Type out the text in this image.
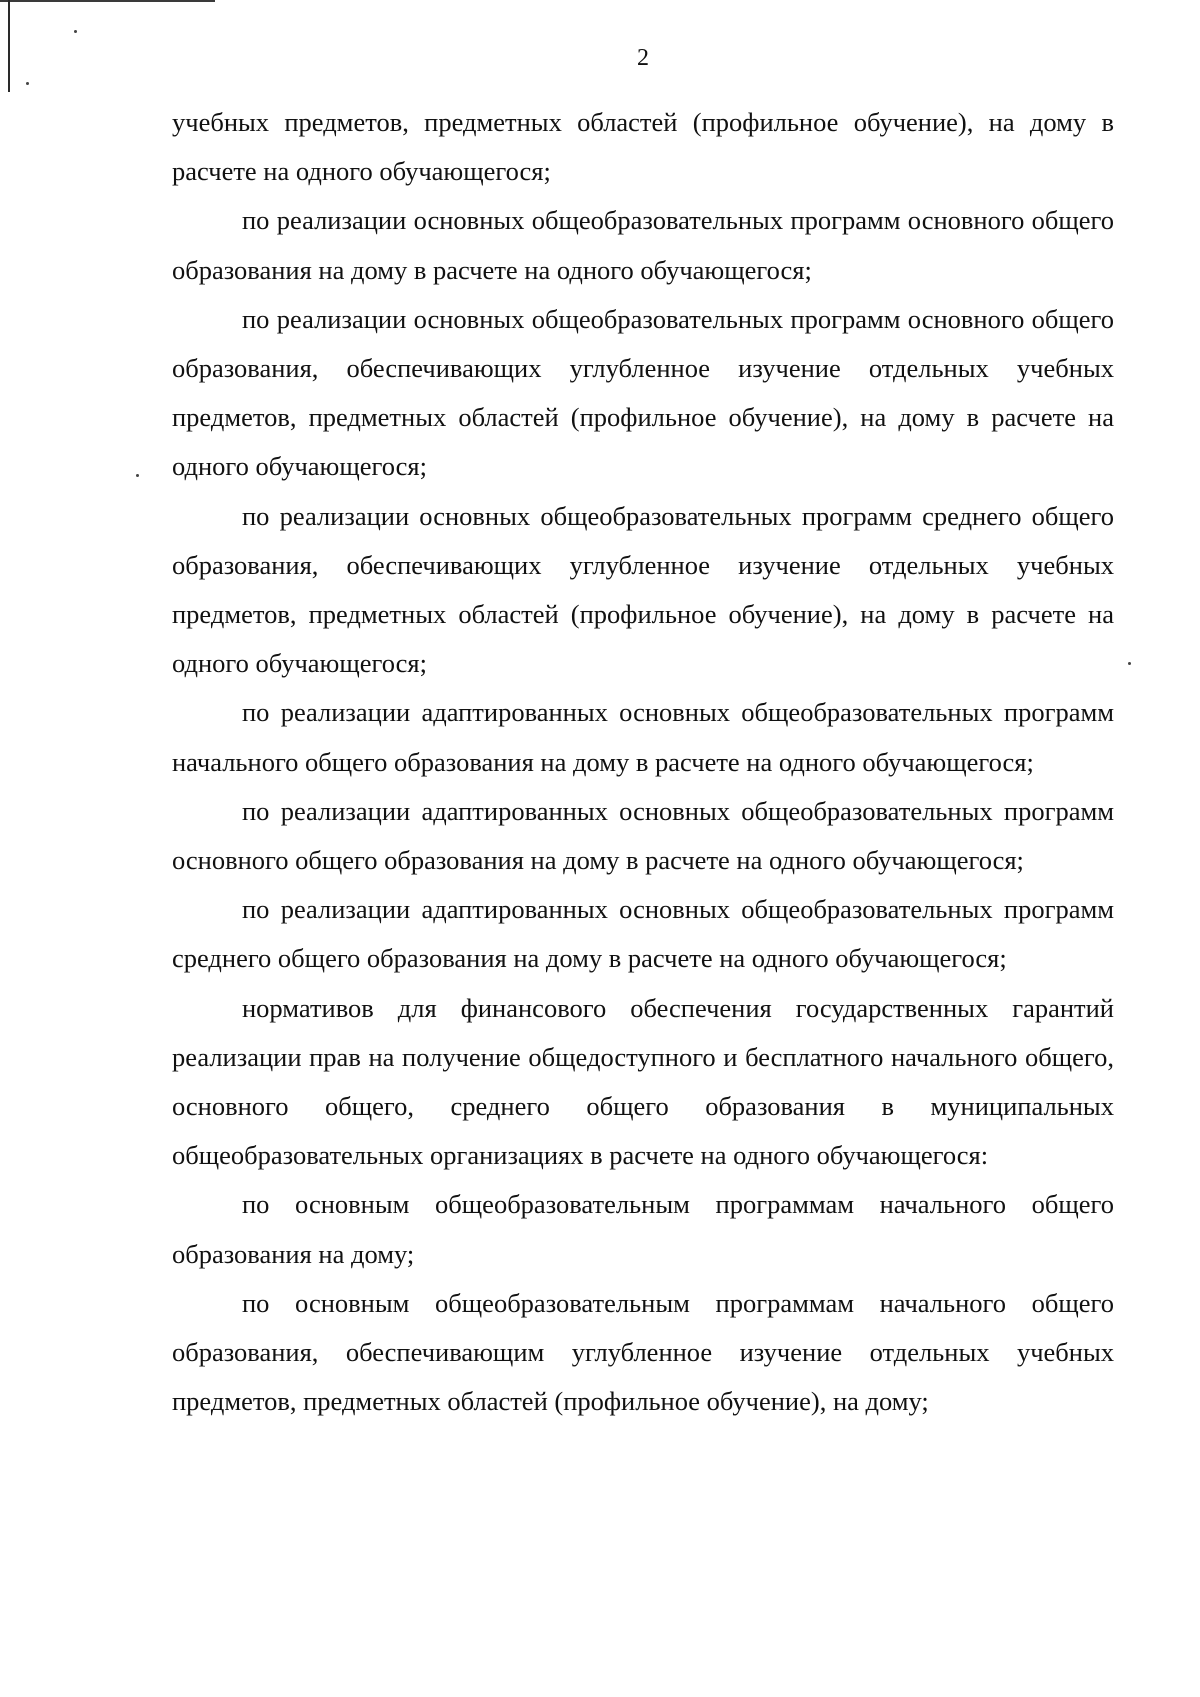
2

учебных предметов, предметных областей (профильное обучение), на дому в расчете на одного обучающегося;

по реализации основных общеобразовательных программ основного общего образования на дому в расчете на одного обучающегося;

по реализации основных общеобразовательных программ основного общего образования, обеспечивающих углубленное изучение отдельных учебных предметов, предметных областей (профильное обучение), на дому в расчете на одного обучающегося;

по реализации основных общеобразовательных программ среднего общего образования, обеспечивающих углубленное изучение отдельных учебных предметов, предметных областей (профильное обучение), на дому в расчете на одного обучающегося;

по реализации адаптированных основных общеобразовательных программ начального общего образования на дому в расчете на одного обучающегося;

по реализации адаптированных основных общеобразовательных программ основного общего образования на дому в расчете на одного обучающегося;

по реализации адаптированных основных общеобразовательных программ среднего общего образования на дому в расчете на одного обучающегося;

нормативов для финансового обеспечения государственных гарантий реализации прав на получение общедоступного и бесплатного начального общего, основного общего, среднего общего образования в муниципальных общеобразовательных организациях в расчете на одного обучающегося:

по основным общеобразовательным программам начального общего образования на дому;

по основным общеобразовательным программам начального общего образования, обеспечивающим углубленное изучение отдельных учебных предметов, предметных областей (профильное обучение), на дому;
